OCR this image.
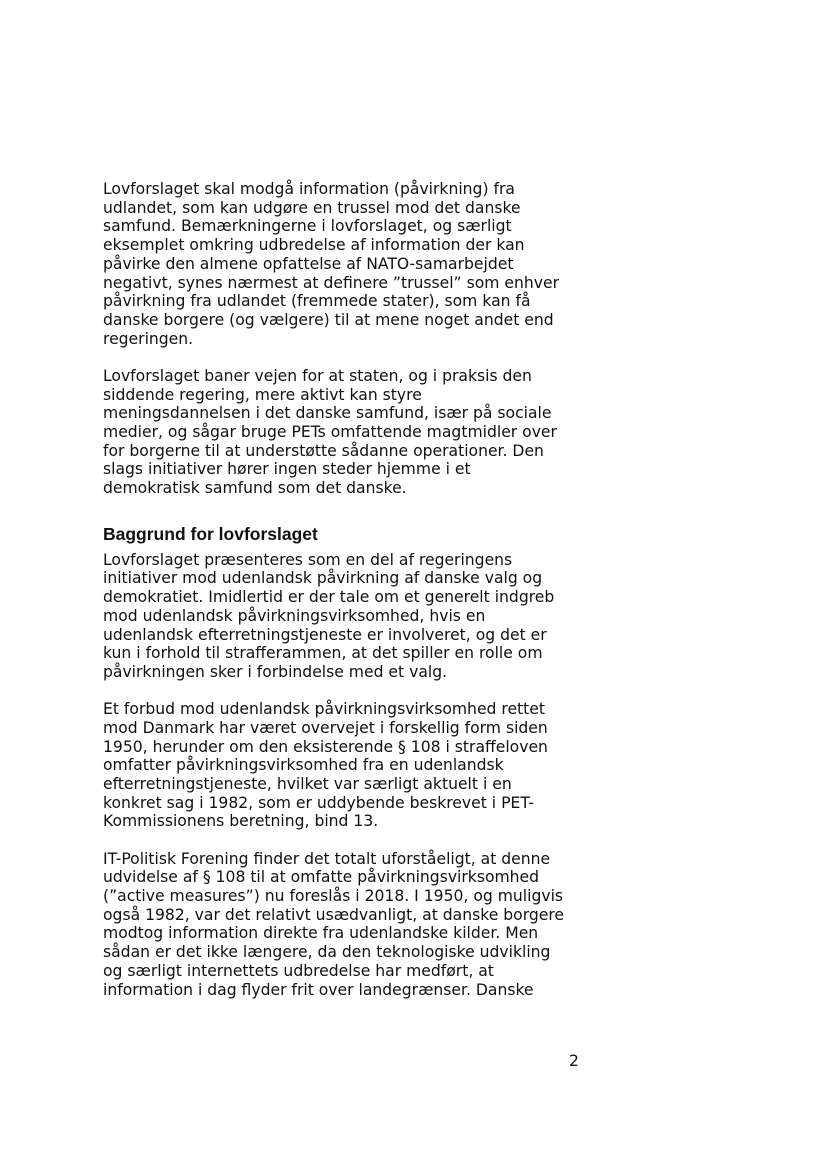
Lovforslaget skal modgå information (påvirkning) fra
udlandet, som kan udgøre en trussel mod det danske
samfund. Bemærkningerne i lovforslaget, og særligt
eksemplet omkring udbredelse af information der kan
påvirke den almene opfattelse af NATO-samarbejdet
negativt, synes nærmest at definere ”trussel” som enhver
påvirkning fra udlandet (fremmede stater), som kan få
danske borgere (og vælgere) til at mene noget andet end
regeringen.

Lovforslaget baner vejen for at staten, og i praksis den
siddende regering, mere aktivt kan styre
meningsdannelsen i det danske samfund, især på sociale
medier, og sågar bruge PETs omfattende magtmidler over
for borgerne til at understøtte sådanne operationer. Den
slags initiativer hører ingen steder hjemme i et
demokratisk samfund som det danske.

Baggrund for lovforslaget

Lovforslaget præsenteres som en del af regeringens
initiativer mod udenlandsk påvirkning af danske valg og
demokratiet. Imidlertid er der tale om et generelt indgreb
mod udenlandsk påvirkningsvirksomhed, hvis en
udenlandsk efterretningstjeneste er involveret, og det er
kun i forhold til strafferammen, at det spiller en rolle om
påvirkningen sker i forbindelse med et valg.

Et forbud mod udenlandsk påvirkningsvirksomhed rettet
mod Danmark har været overvejet i forskellig form siden
1950, herunder om den eksisterende § 108 i straffeloven
omfatter påvirkningsvirksomhed fra en udenlandsk
efterretningstjeneste, hvilket var særligt aktuelt i en
konkret sag i 1982, som er uddybende beskrevet i PET-
Kommissionens beretning, bind 13.

IT-Politisk Forening finder det totalt uforståeligt, at denne
udvidelse af § 108 til at omfatte påvirkningsvirksomhed
(”active measures”) nu foreslås i 2018. I 1950, og muligvis
også 1982, var det relativt usædvanligt, at danske borgere
modtog information direkte fra udenlandske kilder. Men
sådan er det ikke længere, da den teknologiske udvikling
og særligt internettets udbredelse har medført, at
information i dag flyder frit over landegrænser. Danske

2
